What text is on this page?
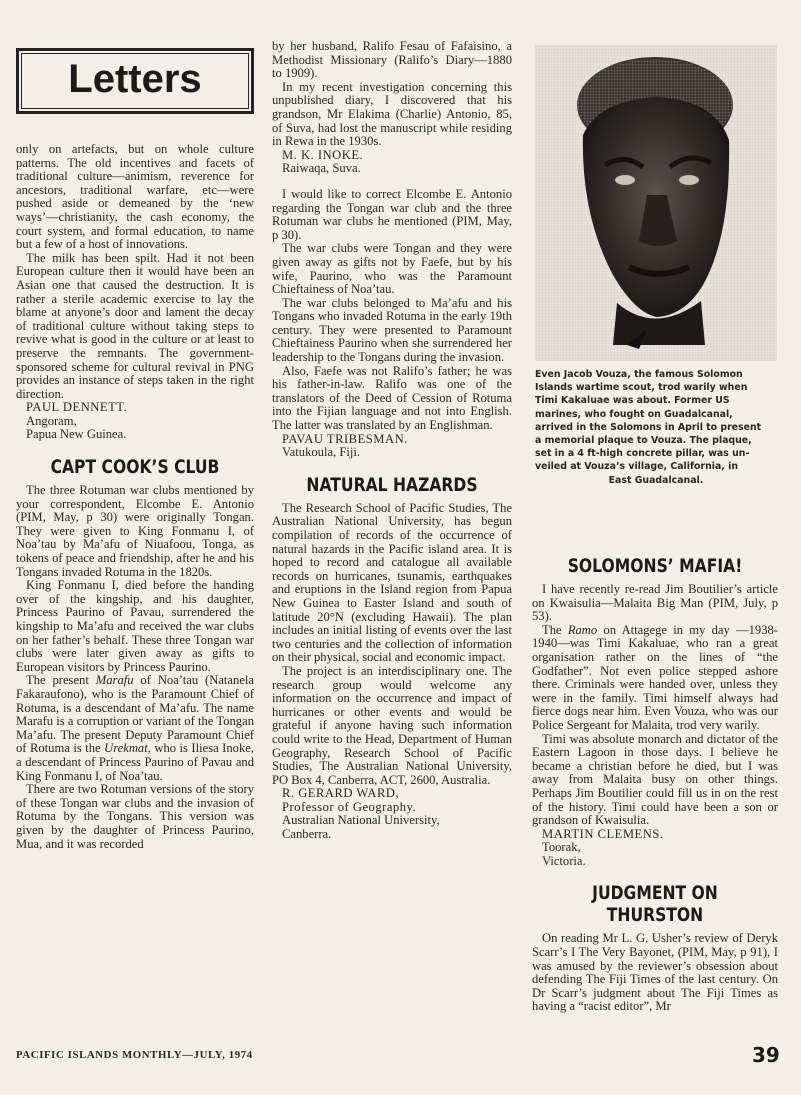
Letters

only on artefacts, but on whole culture patterns. The old incentives and facets of traditional culture—animism, reverence for ancestors, traditional warfare, etc—were pushed aside or demeaned by the ‘new ways’—christianity, the cash economy, the court system, and formal education, to name but a few of a host of innovations.

The milk has been spilt. Had it not been European culture then it would have been an Asian one that caused the destruction. It is rather a sterile academic exercise to lay the blame at anyone’s door and lament the decay of traditional culture without taking steps to revive what is good in the culture or at least to preserve the remnants. The government-sponsored scheme for cultural revival in PNG provides an instance of steps taken in the right direction.

PAUL DENNETT.

Angoram,

Papua New Guinea.

CAPT COOK’S CLUB

The three Rotuman war clubs mentioned by your correspondent, Elcombe E. Antonio (PIM, May, p 30) were originally Tongan. They were given to King Fonmanu I, of Noa’tau by Ma’afu of Niuafoou, Tonga, as tokens of peace and friendship, after he and his Tongans invaded Rotuma in the 1820s.

King Fonmanu I, died before the handing over of the kingship, and his daughter, Princess Paurino of Pavau, surrendered the kingship to Ma’afu and received the war clubs on her father’s behalf. These three Tongan war clubs were later given away as gifts to European visitors by Princess Paurino.

The present Marafu of Noa’tau (Natanela Fakaraufono), who is the Paramount Chief of Rotuma, is a descendant of Ma’afu. The name Marafu is a corruption or variant of the Tongan Ma’afu. The present Deputy Paramount Chief of Rotuma is the Urekmat, who is Iliesa Inoke, a descendant of Princess Paurino of Pavau and King Fonmanu I, of Noa’tau.

There are two Rotuman versions of the story of these Tongan war clubs and the invasion of Rotuma by the Tongans. This version was given by the daughter of Princess Paurino, Mua, and it was recorded

by her husband, Ralifo Fesau of Fafaisino, a Methodist Missionary (Ralifo’s Diary—1880 to 1909).

In my recent investigation concerning this unpublished diary, I discovered that his grandson, Mr Elakima (Charlie) Antonio, 85, of Suva, had lost the manuscript while residing in Rewa in the 1930s.

M. K. INOKE.

Raiwaqa, Suva.

I would like to correct Elcombe E. Antonio regarding the Tongan war club and the three Rotuman war clubs he mentioned (PIM, May, p 30).

The war clubs were Tongan and they were given away as gifts not by Faefe, but by his wife, Paurino, who was the Paramount Chieftainess of Noa’tau.

The war clubs belonged to Ma’afu and his Tongans who invaded Rotuma in the early 19th century. They were presented to Paramount Chieftainess Paurino when she surrendered her leadership to the Tongans during the invasion.

Also, Faefe was not Ralifo’s father; he was his father-in-law. Ralifo was one of the translators of the Deed of Cession of Rotuma into the Fijian language and not into English. The latter was translated by an Englishman.

PAVAU TRIBESMAN.

Vatukoula, Fiji.

NATURAL HAZARDS

The Research School of Pacific Studies, The Australian National University, has begun compilation of records of the occurrence of natural hazards in the Pacific island area. It is hoped to record and catalogue all available records on hurricanes, tsunamis, earthquakes and eruptions in the Island region from Papua New Guinea to Easter Island and south of latitude 20°N (excluding Hawaii). The plan includes an initial listing of events over the last two centuries and the collection of information on their physical, social and economic impact.

The project is an interdisciplinary one. The research group would welcome any information on the occurrence and impact of hurricanes or other events and would be grateful if anyone having such information could write to the Head, Department of Human Geography, Research School of Pacific Studies, The Australian National University, PO Box 4, Canberra, ACT, 2600, Australia.

R. GERARD WARD,

Professor of Geography.

Australian National University,

Canberra.

Even Jacob Vouza, the famous Solomon
Islands wartime scout, trod warily when
Timi Kakaluae was about. Former US
marines, who fought on Guadalcanal,
arrived in the Solomons in April to present
a memorial plaque to Vouza. The plaque,
set in a 4 ft-high concrete pillar, was un-
veiled at Vouza’s village, California, in
East Guadalcanal.
SOLOMONS’ MAFIA!

I have recently re-read Jim Boutilier’s article on Kwaisulia—Malaita Big Man (PIM, July, p 53).

The Ramo on Attagege in my day —1938-1940—was Timi Kakaluae, who ran a great organisation rather on the lines of “the Godfather”. Not even police stepped ashore there. Criminals were handed over, unless they were in the family. Timi himself always had fierce dogs near him. Even Vouza, who was our Police Sergeant for Malaita, trod very warily.

Timi was absolute monarch and dictator of the Eastern Lagoon in those days. I believe he became a christian before he died, but I was away from Malaita busy on other things. Perhaps Jim Boutilier could fill us in on the rest of the history. Timi could have been a son or grandson of Kwaisulia.

MARTIN CLEMENS.

Toorak,

Victoria.

JUDGMENT ON THURSTON

On reading Mr L. G. Usher’s review of Deryk Scarr’s I The Very Bayonet, (PIM, May, p 91), I was amused by the reviewer’s obsession about defending The Fiji Times of the last century. On Dr Scarr’s judgment about The Fiji Times as having a “racist editor”, Mr

PACIFIC ISLANDS MONTHLY—JULY, 1974	39
